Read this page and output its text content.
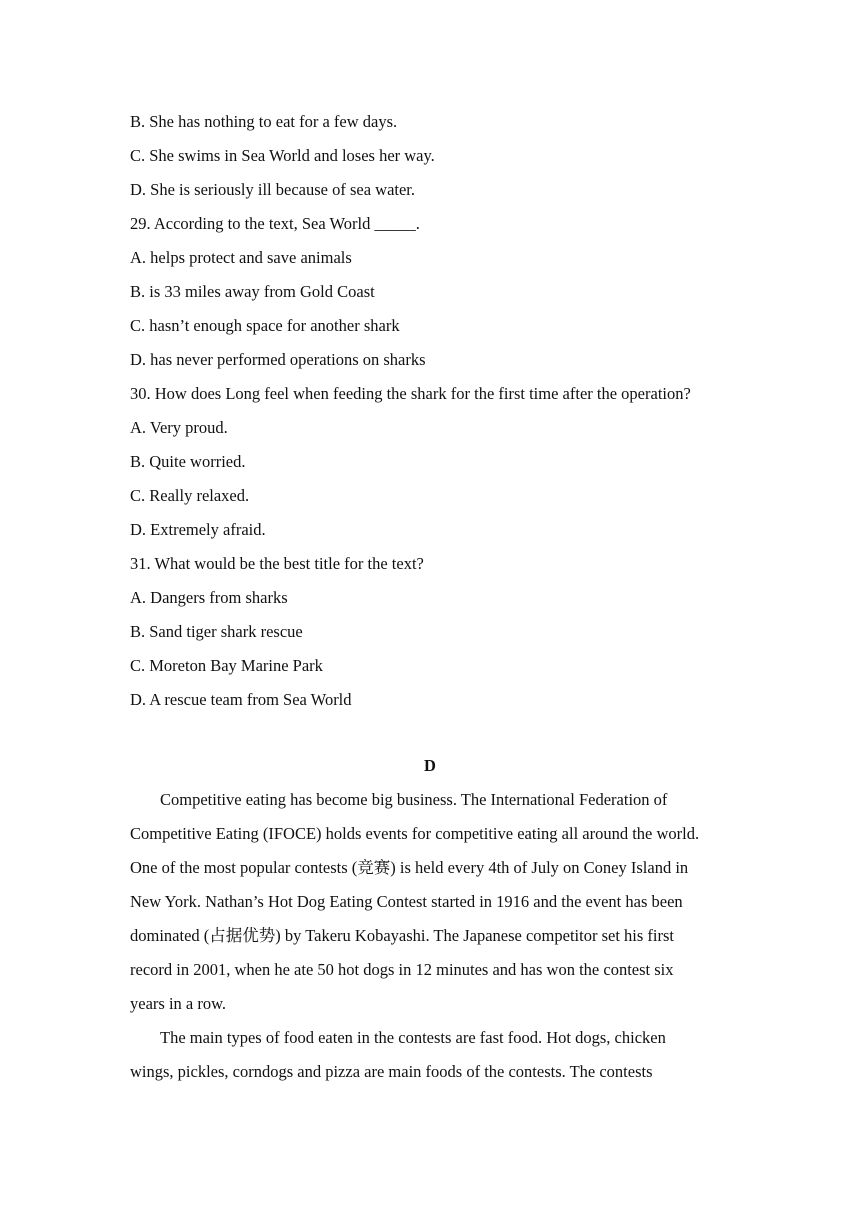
B. She has nothing to eat for a few days.
C. She swims in Sea World and loses her way.
D. She is seriously ill because of sea water.
29. According to the text, Sea World _____.
A. helps protect and save animals
B. is 33 miles away from Gold Coast
C. hasn’t enough space for another shark
D. has never performed operations on sharks
30. How does Long feel when feeding the shark for the first time after the operation?
A. Very proud.
B. Quite worried.
C. Really relaxed.
D. Extremely afraid.
31. What would be the best title for the text?
A. Dangers from sharks
B. Sand tiger shark rescue
C. Moreton Bay Marine Park
D. A rescue team from Sea World
D
Competitive eating has become big business. The International Federation of
Competitive Eating (IFOCE) holds events for competitive eating all around the world.
One of the most popular contests (竞赛) is held every 4th of July on Coney Island in
New York. Nathan’s Hot Dog Eating Contest started in 1916 and the event has been
dominated (占据优势) by Takeru Kobayashi. The Japanese competitor set his first
record in 2001, when he ate 50 hot dogs in 12 minutes and has won the contest six
years in a row.
The main types of food eaten in the contests are fast food. Hot dogs, chicken
wings, pickles, corndogs and pizza are main foods of the contests. The contests
